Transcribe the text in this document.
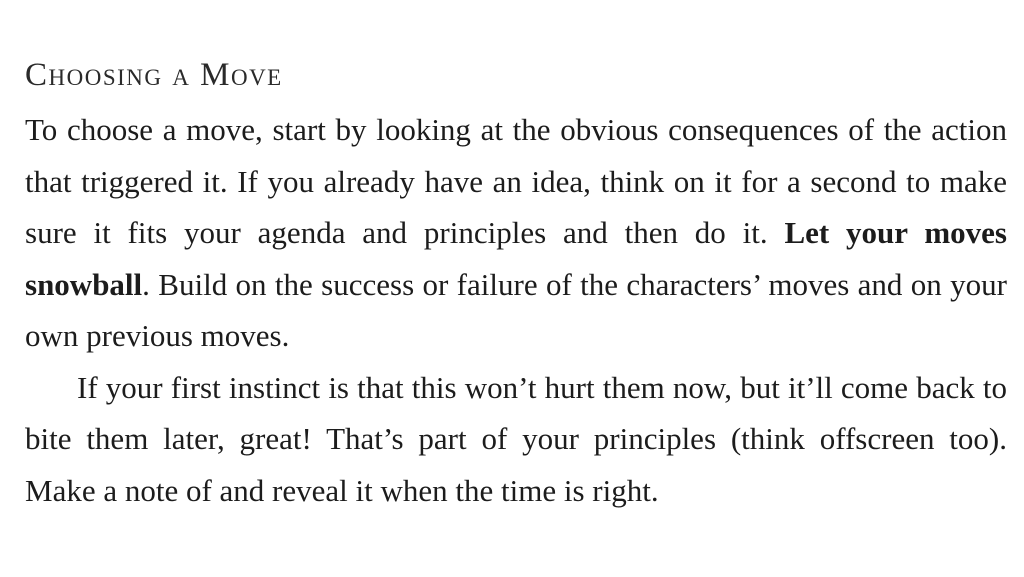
Choosing a Move

To choose a move, start by looking at the obvious consequences of the action that triggered it. If you already have an idea, think on it for a second to make sure it fits your agenda and principles and then do it. Let your moves snowball. Build on the success or failure of the characters’ moves and on your own previous moves.

If your first instinct is that this won’t hurt them now, but it’ll come back to bite them later, great! That’s part of your principles (think offscreen too). Make a note of and reveal it when the time is right.
